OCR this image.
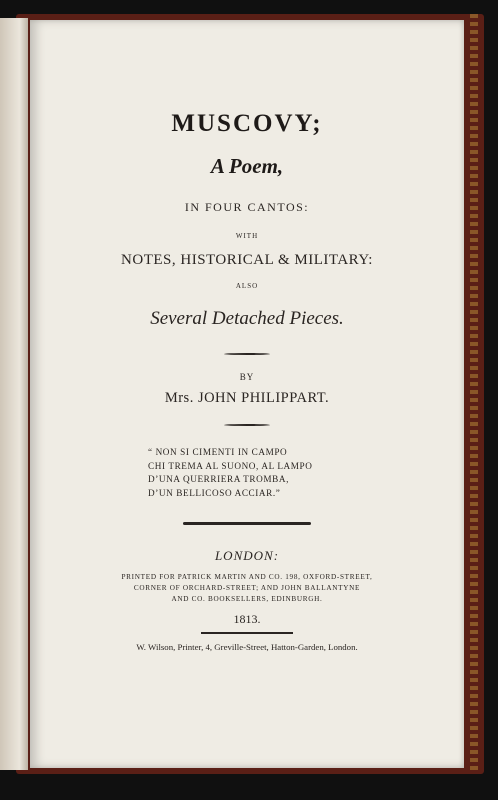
MUSCOVY;
A Poem,
IN FOUR CANTOS:
WITH
NOTES, HISTORICAL & MILITARY:
ALSO
Several Detached Pieces.
BY
Mrs. JOHN PHILIPPART.
“ NON SI CIMENTI IN CAMPO
CHI TREMA AL SUONO, AL LAMPO
D’UNA QUERRIERA TROMBA,
D’UN BELLICOSO ACCIAR.”
LONDON:
PRINTED FOR PATRICK MARTIN AND CO. 198, OXFORD-STREET,
CORNER OF ORCHARD-STREET; AND JOHN BALLANTYNE
AND CO. BOOKSELLERS, EDINBURGH.
1813.
W. Wilson, Printer, 4, Greville-Street, Hatton-Garden, London.
